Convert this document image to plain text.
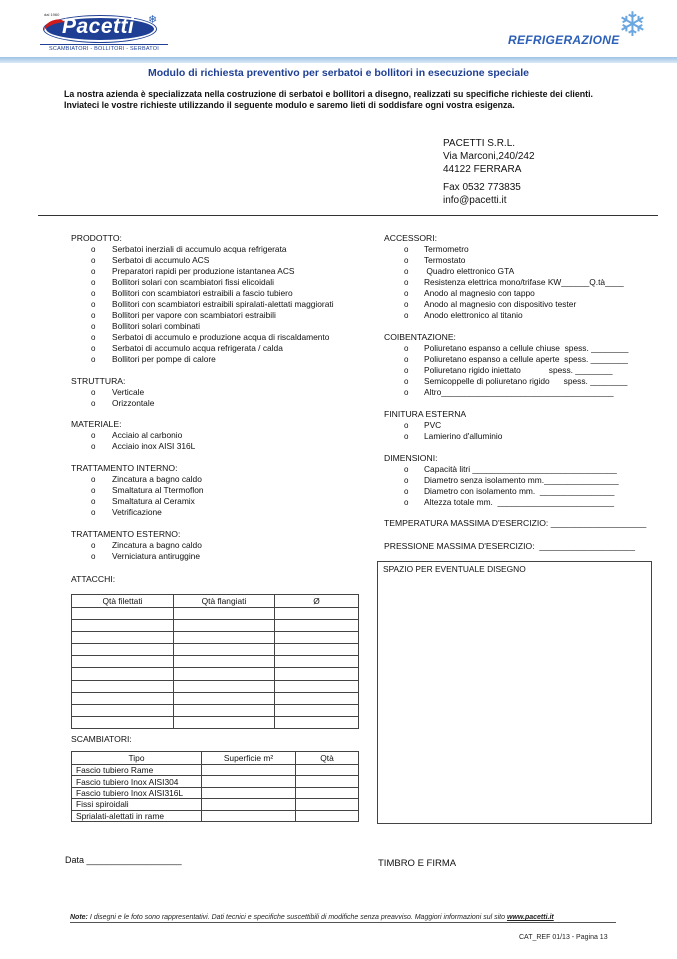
dal 1960
Pacetti ❄
SCAMBIATORI - BOLLITORI - SERBATOI
REFRIGERAZIONE
❄
Modulo di richiesta preventivo per serbatoi e bollitori in esecuzione speciale
La nostra azienda è specializzata nella costruzione di serbatoi e bollitori a disegno, realizzati su specifiche richieste dei clienti. Inviateci le vostre richieste utilizzando il seguente modulo e saremo lieti di soddisfare ogni vostra esigenza.
PACETTI S.R.L.
Via Marconi,240/242
44122 FERRARA
Fax 0532 773835
info@pacetti.it
PRODOTTO:
o Serbatoi inerziali di accumulo acqua refrigerata
o Serbatoi di accumulo ACS
o Preparatori rapidi per produzione istantanea ACS
o Bollitori solari con scambiatori fissi elicoidali
o Bollitori con scambiatori estraibili a fascio tubiero
o Bollitori con scambiatori estraibili spiralati-alettati maggiorati
o Bollitori per vapore con scambiatori estraibili
o Bollitori solari combinati
o Serbatoi di accumulo e produzione acqua di riscaldamento
o Serbatoi di accumulo acqua refrigerata / calda
o Bollitori per pompe di calore
STRUTTURA:
o Verticale
o Orizzontale
MATERIALE:
o Acciaio al carbonio
o Acciaio inox AISI 316L
TRATTAMENTO INTERNO:
o Zincatura a bagno caldo
o Smaltatura al Ttermoflon
o Smaltatura al Ceramix
o Vetrificazione
TRATTAMENTO ESTERNO:
o Zincatura a bagno caldo
o Verniciatura antiruggine
ATTACCHI:
Qtà filettati	Qtà flangiati	Ø

SCAMBIATORI:
Tipo	Superficie m²	Qtà
Fascio tubiero Rame		
Fascio tubiero Inox AISI304		
Fascio tubiero Inox AISI316L		
Fissi spiroidali		
Sprialati-alettati in rame		
ACCESSORI:
o Termometro
o Termostato
o Quadro elettronico GTA
o Resistenza elettrica mono/trifase KW______Q.tà____
o Anodo al magnesio con tappo
o Anodo al magnesio con dispositivo tester
o Anodo elettronico al titanio
COIBENTAZIONE:
o Poliuretano espanso a cellule chiuse  spess. ________
o Poliuretano espanso a cellule aperte  spess. ________
o Poliuretano rigido iniettato            spess. ________
o Semicoppelle di poliuretano rigido      spess. ________
o Altro_____________________________________
FINITURA ESTERNA
o PVC
o Lamierino d'alluminio
DIMENSIONI:
o Capacità litri _______________________________
o Diametro senza isolamento mm.________________
o Diametro con isolamento mm.  ________________
o Altezza totale mm.  _________________________
TEMPERATURA MASSIMA D'ESERCIZIO: ____________________
PRESSIONE MASSIMA D'ESERCIZIO:  ____________________
SPAZIO PER EVENTUALE DISEGNO
Data ___________________	TIMBRO E FIRMA
Note: I disegni e le foto sono rappresentativi. Dati tecnici e specifiche suscettibili di modifiche senza preavviso. Maggiori informazioni sul sito www.pacetti.it
CAT_REF 01/13 - Pagina 13
